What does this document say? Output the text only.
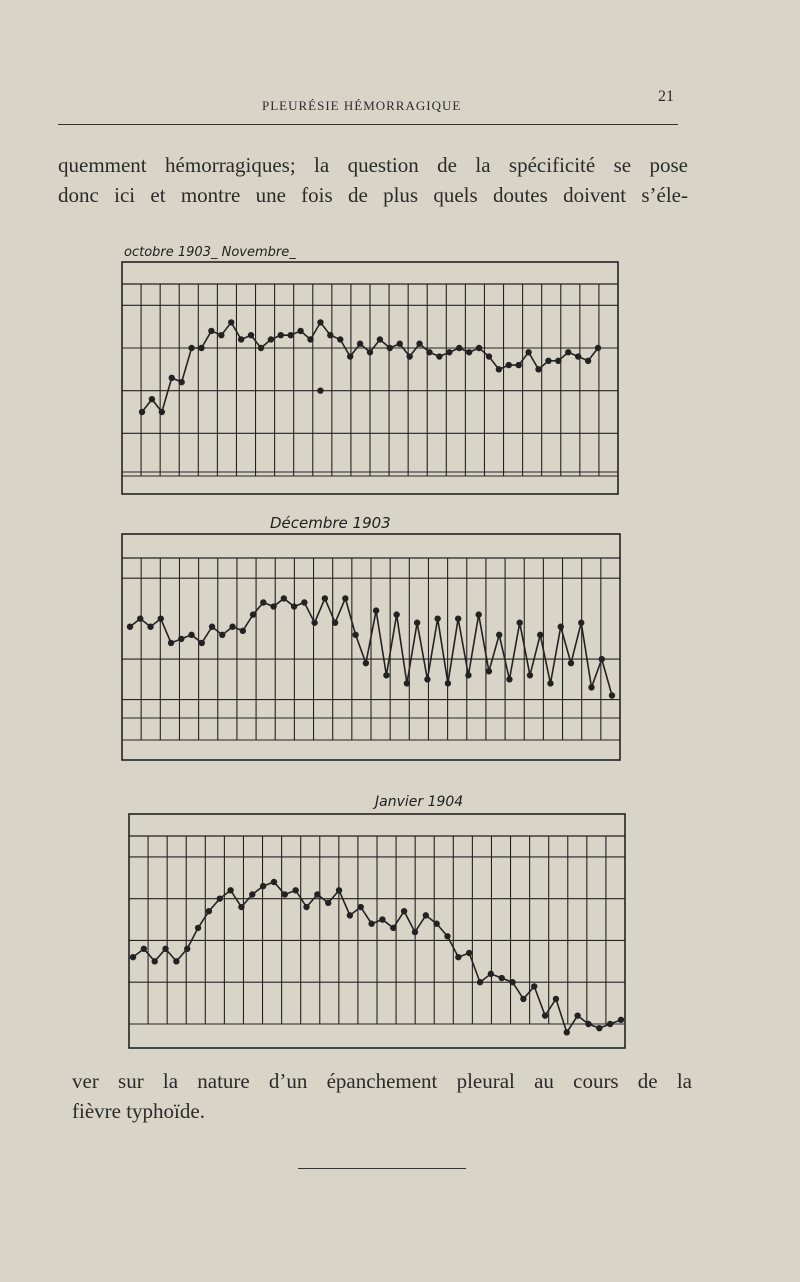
PLEURÉSIE HÉMORRAGIQUE
21
quemment hémorragiques; la question de la spécificité se pose
donc ici et montre une fois de plus quels doutes doivent s’éle-
octobre 1903_ Novembre_
Décembre 1903
Janvier 1904
ver sur la nature d’un épanchement pleural au cours de la
fièvre typhoïde.
